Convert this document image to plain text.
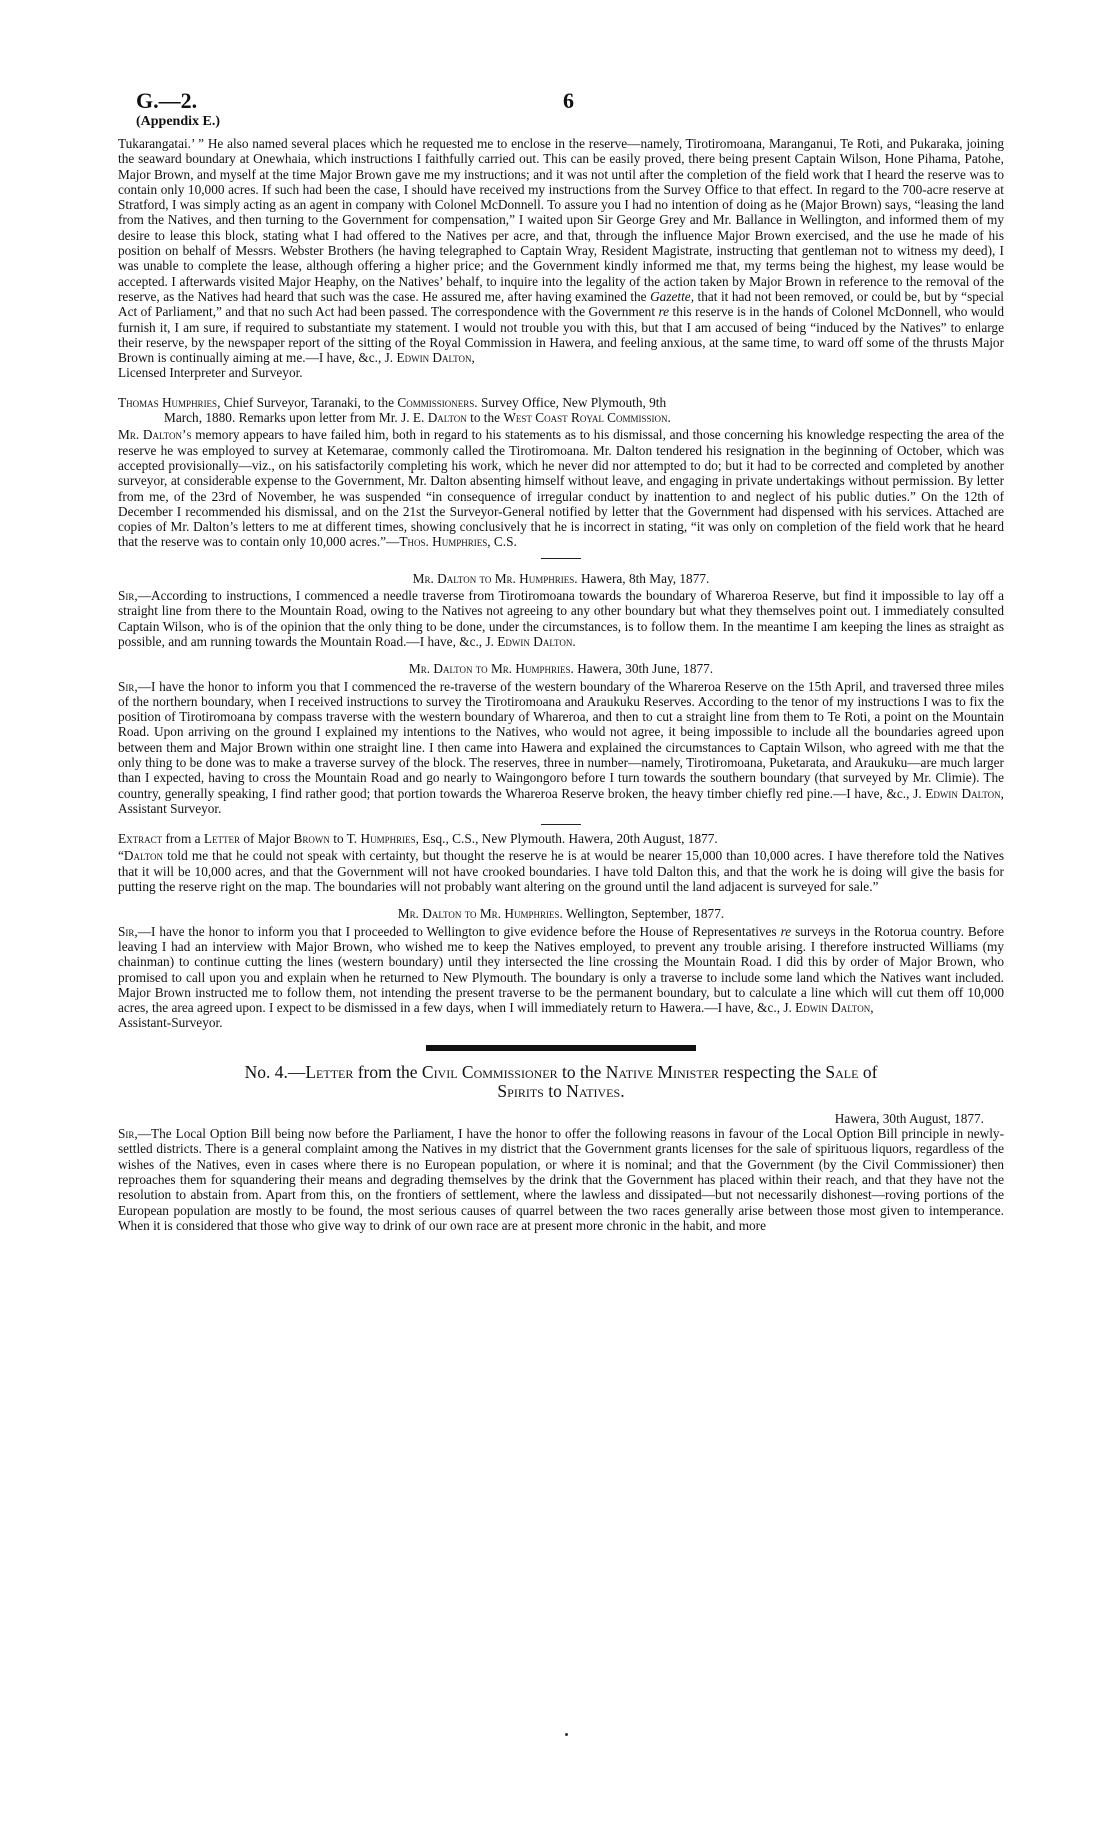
G.—2.
(Appendix E.)
6

Tukarangatai.’ ” He also named several places which he requested me to enclose in the reserve—namely, Tirotiromoana, Maranganui, Te Roti, and Pukaraka, joining the seaward boundary at Onewhaia, which instructions I faithfully carried out. This can be easily proved, there being present Captain Wilson, Hone Pihama, Patohe, Major Brown, and myself at the time Major Brown gave me my instructions; and it was not until after the completion of the field work that I heard the reserve was to contain only 10,000 acres. If such had been the case, I should have received my instructions from the Survey Office to that effect. In regard to the 700-acre reserve at Stratford, I was simply acting as an agent in company with Colonel McDonnell. To assure you I had no intention of doing as he (Major Brown) says, “leasing the land from the Natives, and then turning to the Government for compensation,” I waited upon Sir George Grey and Mr. Ballance in Wellington, and informed them of my desire to lease this block, stating what I had offered to the Natives per acre, and that, through the influence Major Brown exercised, and the use he made of his position on behalf of Messrs. Webster Brothers (he having telegraphed to Captain Wray, Resident Magistrate, instructing that gentleman not to witness my deed), I was unable to complete the lease, although offering a higher price; and the Government kindly informed me that, my terms being the highest, my lease would be accepted. I afterwards visited Major Heaphy, on the Natives’ behalf, to inquire into the legality of the action taken by Major Brown in reference to the removal of the reserve, as the Natives had heard that such was the case. He assured me, after having examined the Gazette, that it had not been removed, or could be, but by “special Act of Parliament,” and that no such Act had been passed. The correspondence with the Government re this reserve is in the hands of Colonel McDonnell, who would furnish it, I am sure, if required to substantiate my statement. I would not trouble you with this, but that I am accused of being “induced by the Natives” to enlarge their reserve, by the newspaper report of the sitting of the Royal Commission in Hawera, and feeling anxious, at the same time, to ward off some of the thrusts Major Brown is continually aiming at me.—I have, &c., J. Edwin Dalton,
Licensed Interpreter and Surveyor.

Thomas Humphries, Chief Surveyor, Taranaki, to the Commissioners. Survey Office, New Plymouth, 9th
March, 1880. Remarks upon letter from Mr. J. E. Dalton to the West Coast Royal Commission.

Mr. Dalton’s memory appears to have failed him, both in regard to his statements as to his dismissal, and those concerning his knowledge respecting the area of the reserve he was employed to survey at Ketemarae, commonly called the Tirotiromoana. Mr. Dalton tendered his resignation in the beginning of October, which was accepted provisionally—viz., on his satisfactorily completing his work, which he never did nor attempted to do; but it had to be corrected and completed by another surveyor, at considerable expense to the Government, Mr. Dalton absenting himself without leave, and engaging in private undertakings without permission. By letter from me, of the 23rd of November, he was suspended “in consequence of irregular conduct by inattention to and neglect of his public duties.” On the 12th of December I recommended his dismissal, and on the 21st the Surveyor-General notified by letter that the Government had dispensed with his services. Attached are copies of Mr. Dalton’s letters to me at different times, showing conclusively that he is incorrect in stating, “it was only on completion of the field work that he heard that the reserve was to contain only 10,000 acres.”—Thos. Humphries, C.S.

Mr. Dalton to Mr. Humphries. Hawera, 8th May, 1877.

Sir,—According to instructions, I commenced a needle traverse from Tirotiromoana towards the boundary of Whareroa Reserve, but find it impossible to lay off a straight line from there to the Mountain Road, owing to the Natives not agreeing to any other boundary but what they themselves point out. I immediately consulted Captain Wilson, who is of the opinion that the only thing to be done, under the circumstances, is to follow them. In the meantime I am keeping the lines as straight as possible, and am running towards the Mountain Road.—I have, &c., J. Edwin Dalton.

Mr. Dalton to Mr. Humphries. Hawera, 30th June, 1877.

Sir,—I have the honor to inform you that I commenced the re-traverse of the western boundary of the Whareroa Reserve on the 15th April, and traversed three miles of the northern boundary, when I received instructions to survey the Tirotiromoana and Araukuku Reserves. According to the tenor of my instructions I was to fix the position of Tirotiromoana by compass traverse with the western boundary of Whareroa, and then to cut a straight line from them to Te Roti, a point on the Mountain Road. Upon arriving on the ground I explained my intentions to the Natives, who would not agree, it being impossible to include all the boundaries agreed upon between them and Major Brown within one straight line. I then came into Hawera and explained the circumstances to Captain Wilson, who agreed with me that the only thing to be done was to make a traverse survey of the block. The reserves, three in number—namely, Tirotiromoana, Puketarata, and Araukuku—are much larger than I expected, having to cross the Mountain Road and go nearly to Waingongoro before I turn towards the southern boundary (that surveyed by Mr. Climie). The country, generally speaking, I find rather good; that portion towards the Whareroa Reserve broken, the heavy timber chiefly red pine.—I have, &c., J. Edwin Dalton, Assistant Surveyor.

Extract from a Letter of Major Brown to T. Humphries, Esq., C.S., New Plymouth. Hawera, 20th August, 1877.

“Dalton told me that he could not speak with certainty, but thought the reserve he is at would be nearer 15,000 than 10,000 acres. I have therefore told the Natives that it will be 10,000 acres, and that the Government will not have crooked boundaries. I have told Dalton this, and that the work he is doing will give the basis for putting the reserve right on the map. The boundaries will not probably want altering on the ground until the land adjacent is surveyed for sale.”

Mr. Dalton to Mr. Humphries. Wellington, September, 1877.

Sir,—I have the honor to inform you that I proceeded to Wellington to give evidence before the House of Representatives re surveys in the Rotorua country. Before leaving I had an interview with Major Brown, who wished me to keep the Natives employed, to prevent any trouble arising. I therefore instructed Williams (my chainman) to continue cutting the lines (western boundary) until they intersected the line crossing the Mountain Road. I did this by order of Major Brown, who promised to call upon you and explain when he returned to New Plymouth. The boundary is only a traverse to include some land which the Natives want included. Major Brown instructed me to follow them, not intending the present traverse to be the permanent boundary, but to calculate a line which will cut them off 10,000 acres, the area agreed upon. I expect to be dismissed in a few days, when I will immediately return to Hawera.—I have, &c., J. Edwin Dalton,
Assistant-Surveyor.

No. 4.—Letter from the Civil Commissioner to the Native Minister respecting the Sale of
Spirits to Natives.
Hawera, 30th August, 1877.

Sir,—The Local Option Bill being now before the Parliament, I have the honor to offer the following reasons in favour of the Local Option Bill principle in newly-settled districts. There is a general complaint among the Natives in my district that the Government grants licenses for the sale of spirituous liquors, regardless of the wishes of the Natives, even in cases where there is no European population, or where it is nominal; and that the Government (by the Civil Commissioner) then reproaches them for squandering their means and degrading themselves by the drink that the Government has placed within their reach, and that they have not the resolution to abstain from. Apart from this, on the frontiers of settlement, where the lawless and dissipated—but not necessarily dishonest—roving portions of the European population are mostly to be found, the most serious causes of quarrel between the two races generally arise between those most given to intemperance. When it is considered that those who give way to drink of our own race are at present more chronic in the habit, and more
